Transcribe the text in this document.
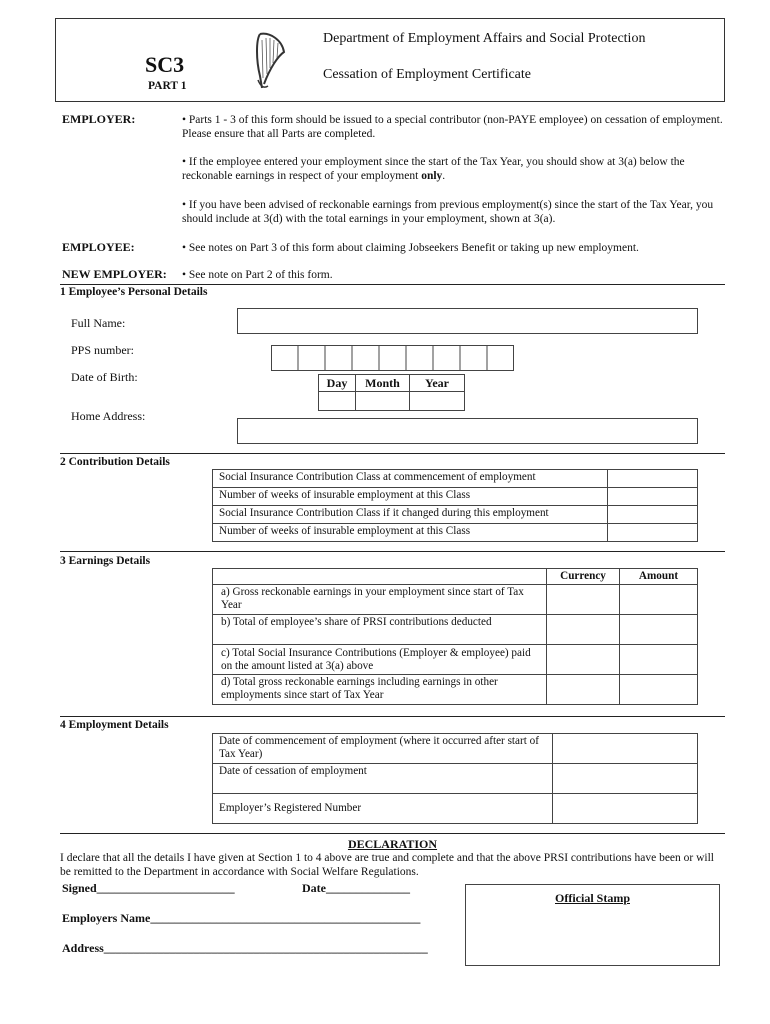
SC3
PART 1
Department of Employment Affairs and Social Protection
Cessation of Employment Certificate
EMPLOYER:	• Parts 1 - 3 of this form should be issued to a special contributor (non-PAYE employee) on cessation of employment. Please ensure that all Parts are completed.
• If the employee entered your employment since the start of the Tax Year, you should show at 3(a) below the reckonable earnings in respect of your employment only.
• If you have been advised of reckonable earnings from previous employment(s) since the start of the Tax Year, you should include at 3(d) with the total earnings in your employment, shown at 3(a).
EMPLOYEE:	• See notes on Part 3 of this form about claiming Jobseekers Benefit or taking up new employment.
NEW EMPLOYER: • See note on Part 2 of this form.
1 Employee’s Personal Details
Full Name:
PPS number:
Date of Birth:	Day	Month	Year
Home Address:
2 Contribution Details
Social Insurance Contribution Class at commencement of employment	
Number of weeks of insurable employment at this Class	
Social Insurance Contribution Class if it changed during this employment	
Number of weeks of insurable employment at this Class	
3 Earnings Details
	Currency	Amount
a) Gross reckonable earnings in your employment since start of Tax Year		
b) Total of employee’s share of PRSI contributions deducted		
c) Total Social Insurance Contributions (Employer & employee) paid on the amount listed at 3(a) above		
d) Total gross reckonable earnings including earnings in other employments since start of Tax Year		
4 Employment Details
Date of commencement of employment (where it occurred after start of Tax Year)	
Date of cessation of employment	
Employer’s Registered Number	
DECLARATION
I declare that all the details I have given at Section 1 to 4 above are true and complete and that the above PRSI contributions have been or will be remitted to the Department in accordance with Social Welfare Regulations.
Signed_______________________	Date______________
Employers Name_____________________________________________
Address______________________________________________________
Official Stamp
